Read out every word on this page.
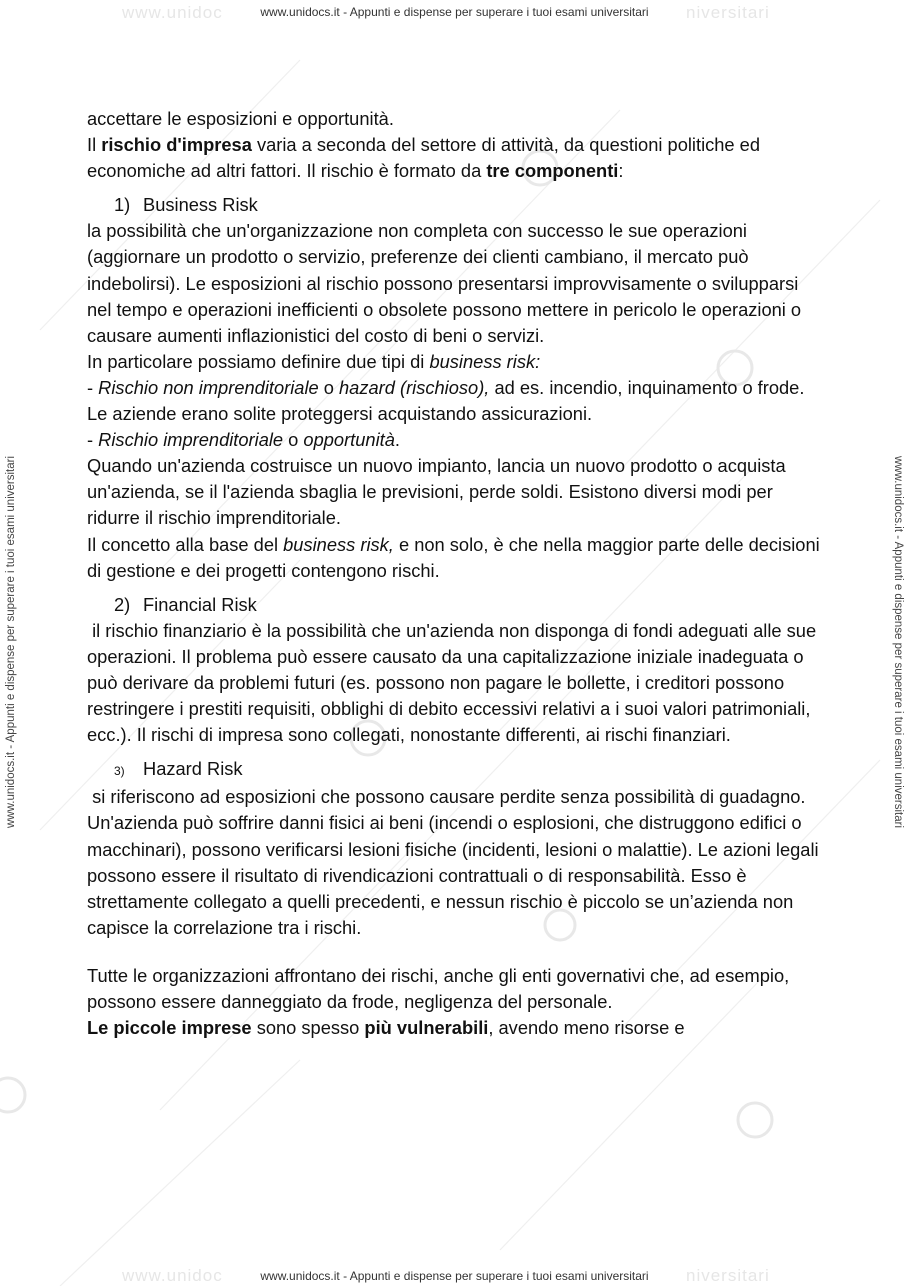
www.unidoc	niversitari
www.unidocs.it - Appunti e dispense per superare i tuoi esami universitari
www.unidoc	niversitari
www.unidocs.it - Appunti e dispense per superare i tuoi esami universitari
www.unidocs.it - Appunti e dispense per superare i tuoi esami universitari	www.unidocs.it - Appunti e dispense per superare i tuoi esami universitari

accettare le esposizioni e opportunità.

Il rischio d'impresa varia a seconda del settore di attività, da questioni politiche ed economiche ad altri fattori. Il rischio è formato da tre componenti:

1) Business Risk

la possibilità che un'organizzazione non completa con successo le sue operazioni (aggiornare un prodotto o servizio, preferenze dei clienti cambiano, il mercato può indebolirsi). Le esposizioni al rischio possono presentarsi improvvisamente o svilupparsi nel tempo e operazioni inefficienti o obsolete possono mettere in pericolo le operazioni o causare aumenti inflazionistici del costo di beni o servizi.

In particolare possiamo definire due tipi di business risk:

- Rischio non imprenditoriale o hazard (rischioso), ad es. incendio, inquinamento o frode. Le aziende erano solite proteggersi acquistando assicurazioni.

- Rischio imprenditoriale o opportunità.

Quando un'azienda costruisce un nuovo impianto, lancia un nuovo prodotto o acquista un'azienda, se il l'azienda sbaglia le previsioni, perde soldi. Esistono diversi modi per ridurre il rischio imprenditoriale.

Il concetto alla base del business risk, e non solo, è che nella maggior parte delle decisioni di gestione e dei progetti contengono rischi.

2) Financial Risk

il rischio finanziario è la possibilità che un'azienda non disponga di fondi adeguati alle sue operazioni. Il problema può essere causato da una capitalizzazione iniziale inadeguata o può derivare da problemi futuri (es. possono non pagare le bollette, i creditori possono restringere i prestiti requisiti, obblighi di debito eccessivi relativi a i suoi valori patrimoniali, ecc.). Il rischi di impresa sono collegati, nonostante differenti, ai rischi finanziari.

3) Hazard Risk

si riferiscono ad esposizioni che possono causare perdite senza possibilità di guadagno. Un'azienda può soffrire danni fisici ai beni (incendi o esplosioni, che distruggono edifici o macchinari), possono verificarsi lesioni fisiche (incidenti, lesioni o malattie). Le azioni legali possono essere il risultato di rivendicazioni contrattuali o di responsabilità. Esso è strettamente collegato a quelli precedenti, e nessun rischio è piccolo se un’azienda non capisce la correlazione tra i rischi.

Tutte le organizzazioni affrontano dei rischi, anche gli enti governativi che, ad esempio, possono essere danneggiato da frode, negligenza del personale.
Le piccole imprese sono spesso più vulnerabili, avendo meno risorse e
